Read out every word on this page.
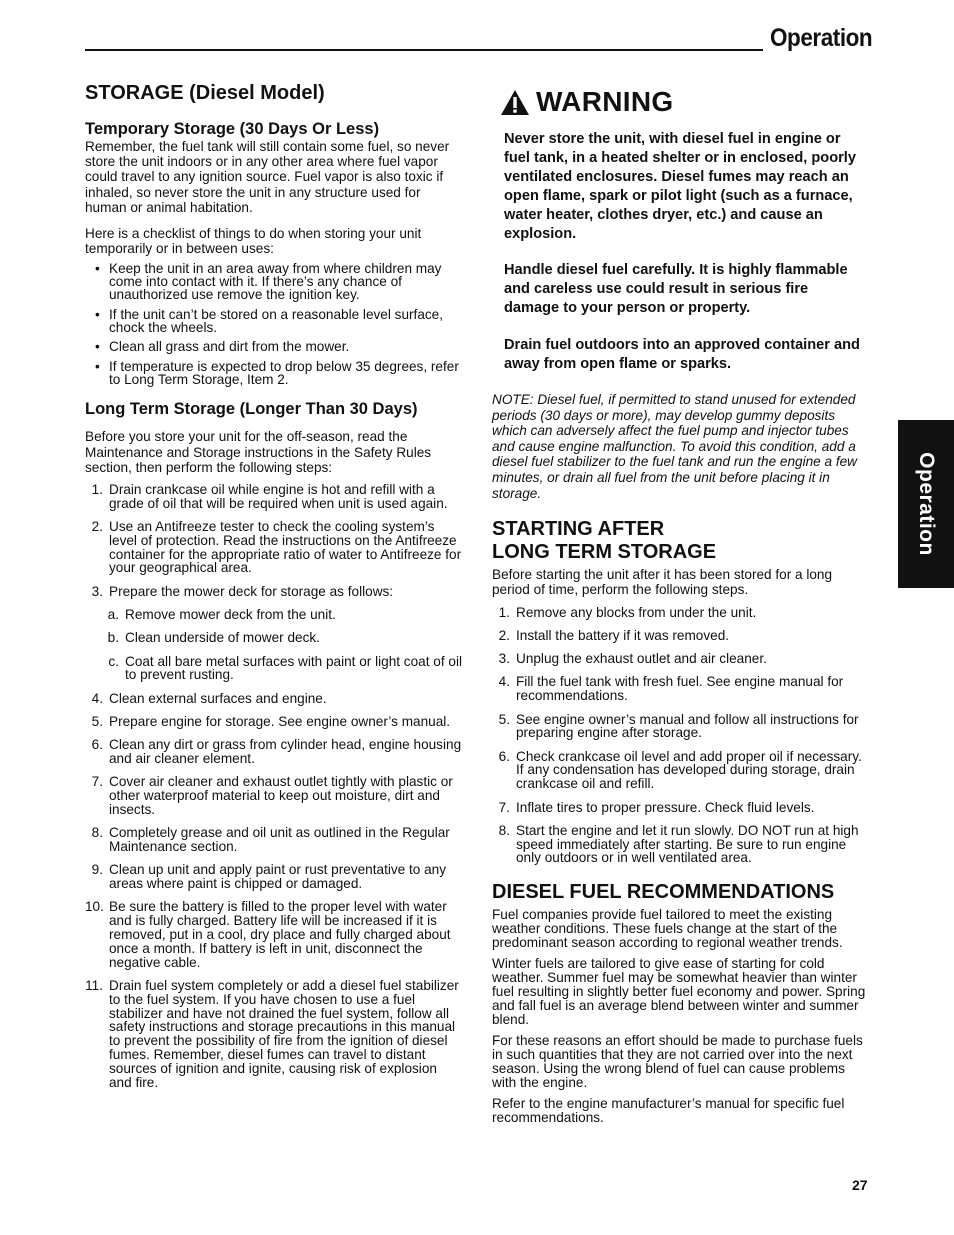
Operation
Operation
STORAGE (Diesel Model)
Temporary Storage (30 Days Or Less)

Remember, the fuel tank will still contain some fuel, so never store the unit indoors or in any other area where fuel vapor could travel to any ignition source. Fuel vapor is also toxic if inhaled, so never store the unit in any structure used for human or animal habitation.

Here is a checklist of things to do when storing your unit temporarily or in between uses:

• Keep the unit in an area away from where children may come into contact with it. If there’s any chance of unauthorized use remove the ignition key.
• If the unit can’t be stored on a reasonable level surface, chock the wheels.
• Clean all grass and dirt from the mower.
• If temperature is expected to drop below 35 degrees, refer to Long Term Storage, Item 2.
Long Term Storage (Longer Than 30 Days)

Before you store your unit for the off-season, read the Maintenance and Storage instructions in the Safety Rules section, then perform the following steps:

1. Drain crankcase oil while engine is hot and refill with a grade of oil that will be required when unit is used again.
2. Use an Antifreeze tester to check the cooling system’s level of protection. Read the instructions on the Antifreeze container for the appropriate ratio of water to Antifreeze for your geographical area.
3. Prepare the mower deck for storage as follows:
a. Remove mower deck from the unit.
b. Clean underside of mower deck.
c. Coat all bare metal surfaces with paint or light coat of oil to prevent rusting.
4. Clean external surfaces and engine.
5. Prepare engine for storage. See engine owner’s manual.
6. Clean any dirt or grass from cylinder head, engine housing and air cleaner element.
7. Cover air cleaner and exhaust outlet tightly with plastic or other waterproof material to keep out moisture, dirt and insects.
8. Completely grease and oil unit as outlined in the Regular Maintenance section.
9. Clean up unit and apply paint or rust preventative to any areas where paint is chipped or damaged.
10. Be sure the battery is filled to the proper level with water and is fully charged. Battery life will be increased if it is removed, put in a cool, dry place and fully charged about once a month. If battery is left in unit, disconnect the negative cable.
11. Drain fuel system completely or add a diesel fuel stabilizer to the fuel system. If you have chosen to use a fuel stabilizer and have not drained the fuel system, follow all safety instructions and storage precautions in this manual to prevent the possibility of fire from the ignition of diesel fumes. Remember, diesel fumes can travel to distant sources of ignition and ignite, causing risk of explosion and fire.
WARNING

Never store the unit, with diesel fuel in engine or fuel tank, in a heated shelter or in enclosed, poorly ventilated enclosures. Diesel fumes may reach an open flame, spark or pilot light (such as a furnace, water heater, clothes dryer, etc.) and cause an explosion.

Handle diesel fuel carefully. It is highly flammable and careless use could result in serious fire damage to your person or property.

Drain fuel outdoors into an approved container and away from open flame or sparks.

NOTE: Diesel fuel, if permitted to stand unused for extended periods (30 days or more), may develop gummy deposits which can adversely affect the fuel pump and injector tubes and cause engine malfunction. To avoid this condition, add a diesel fuel stabilizer to the fuel tank and run the engine a few minutes, or drain all fuel from the unit before placing it in storage.

STARTING AFTER
LONG TERM STORAGE

Before starting the unit after it has been stored for a long period of time, perform the following steps.

1. Remove any blocks from under the unit.
2. Install the battery if it was removed.
3. Unplug the exhaust outlet and air cleaner.
4. Fill the fuel tank with fresh fuel. See engine manual for recommendations.
5. See engine owner’s manual and follow all instructions for preparing engine after storage.
6. Check crankcase oil level and add proper oil if necessary. If any condensation has developed during storage, drain crankcase oil and refill.
7. Inflate tires to proper pressure. Check fluid levels.
8. Start the engine and let it run slowly. DO NOT run at high speed immediately after starting. Be sure to run engine only outdoors or in well ventilated area.
DIESEL FUEL RECOMMENDATIONS

Fuel companies provide fuel tailored to meet the existing weather conditions. These fuels change at the start of the predominant season according to regional weather trends.

Winter fuels are tailored to give ease of starting for cold weather. Summer fuel may be somewhat heavier than winter fuel resulting in slightly better fuel economy and power. Spring and fall fuel is an average blend between winter and summer blend.

For these reasons an effort should be made to purchase fuels in such quantities that they are not carried over into the next season. Using the wrong blend of fuel can cause problems with the engine.

Refer to the engine manufacturer’s manual for specific fuel recommendations.

27
